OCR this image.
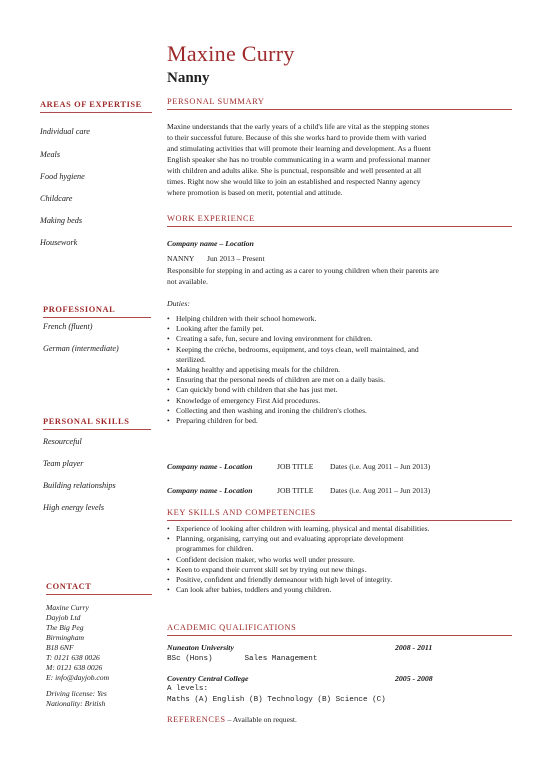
AREAS OF EXPERTISE
Individual care
Meals
Food hygiene
Childcare
Making beds
Housework
PROFESSIONAL
French (fluent)
German (intermediate)
PERSONAL SKILLS
Resourceful
Team player
Building relationships
High energy levels
CONTACT
Maxine Curry
Dayjob Ltd
The Big Peg
Birmingham
B18 6NF
T: 0121 638 0026
M: 0121 638 0026
E: info@dayjob.com
Driving license: Yes
Nationality: British
Maxine Curry
Nanny
PERSONAL SUMMARY
Maxine understands that the early years of a child's life are vital as the stepping stones
to their successful future. Because of this she works hard to provide them with varied
and stimulating activities that will promote their learning and development. As a fluent
English speaker she has no trouble communicating in a warm and professional manner
with children and adults alike. She is punctual, responsible and well presented at all
times. Right now she would like to join an established and respected Nanny agency
where promotion is based on merit, potential and attitude.
WORK EXPERIENCE
Company name – Location
NANNY Jun 2013 – Present
Responsible for stepping in and acting as a carer to young children when their parents are
not available.
Duties:
• Helping children with their school homework.
• Looking after the family pet.
• Creating a safe, fun, secure and loving environment for children.
• Keeping the crèche, bedrooms, equipment, and toys clean, well maintained, and
sterilized.
• Making healthy and appetising meals for the children.
• Ensuring that the personal needs of children are met on a daily basis.
• Can quickly bond with children that she has just met.
• Knowledge of emergency First Aid procedures.
• Collecting and then washing and ironing the children's clothes.
• Preparing children for bed.
Company name - Location	JOB TITLE Dates (i.e. Aug 2011 – Jun 2013)
Company name - Location	JOB TITLE Dates (i.e. Aug 2011 – Jun 2013)
KEY SKILLS AND COMPETENCIES
• Experience of looking after children with learning, physical and mental disabilities.
• Planning, organising, carrying out and evaluating appropriate development
programmes for children.
• Confident decision maker, who works well under pressure.
• Keen to expand their current skill set by trying out new things.
• Positive, confident and friendly demeanour with high level of integrity.
• Can look after babies, toddlers and young children.
ACADEMIC QUALIFICATIONS
Nuneaton University	2008 - 2011
BSc (Hons)       Sales Management
Coventry Central College	2005 - 2008
A levels:
Maths (A) English (B) Technology (B) Science (C)
REFERENCES – Available on request.
